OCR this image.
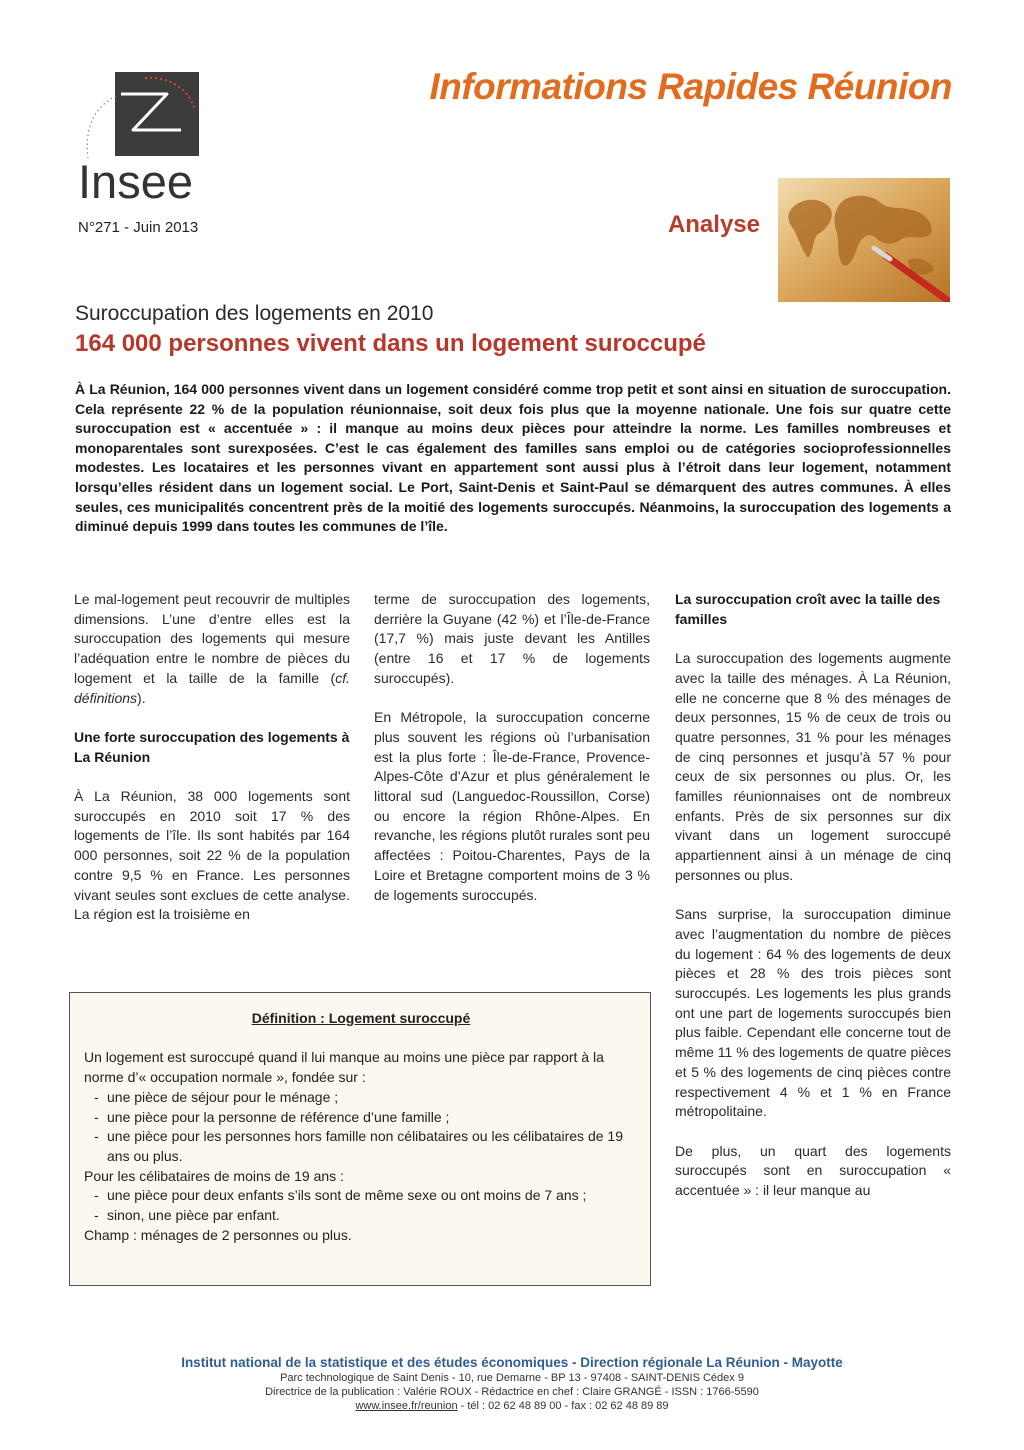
Insee
Informations Rapides Réunion
N°271 - Juin 2013	Analyse
Suroccupation des logements en 2010
164 000 personnes vivent dans un logement suroccupé

À La Réunion, 164 000 personnes vivent dans un logement considéré comme trop petit et sont ainsi en situation de suroccupation. Cela représente 22 % de la population réunionnaise, soit deux fois plus que la moyenne nationale. Une fois sur quatre cette suroccupation est « accentuée » : il manque au moins deux pièces pour atteindre la norme. Les familles nombreuses et monoparentales sont surexposées. C’est le cas également des familles sans emploi ou de catégories socioprofessionnelles modestes. Les locataires et les personnes vivant en appartement sont aussi plus à l’étroit dans leur logement, notamment lorsqu’elles résident dans un logement social. Le Port, Saint-Denis et Saint-Paul se démarquent des autres communes. À elles seules, ces municipalités concentrent près de la moitié des logements suroccupés. Néanmoins, la suroccupation des logements a diminué depuis 1999 dans toutes les communes de l’île.

Le mal-logement peut recouvrir de multiples dimensions. L’une d’entre elles est la suroccupation des logements qui mesure l’adéquation entre le nombre de pièces du logement et la taille de la famille (cf. définitions).

Une forte suroccupation des logements à La Réunion

À La Réunion, 38 000 logements sont suroccupés en 2010 soit 17 % des logements de l’île. Ils sont habités par 164 000 personnes, soit 22 % de la population contre 9,5 % en France. Les personnes vivant seules sont exclues de cette analyse. La région est la troisième en

terme de suroccupation des logements, derrière la Guyane (42 %) et l’Île-de-France (17,7 %) mais juste devant les Antilles (entre 16 et 17 % de logements suroccupés).

En Métropole, la suroccupation concerne plus souvent les régions où l’urbanisation est la plus forte : Île-de-France, Provence-Alpes-Côte d’Azur et plus généralement le littoral sud (Languedoc-Roussillon, Corse) ou encore la région Rhône-Alpes. En revanche, les régions plutôt rurales sont peu affectées : Poitou-Charentes, Pays de la Loire et Bretagne comportent moins de 3 % de logements suroccupés.

La suroccupation croît avec la taille des familles

La suroccupation des logements augmente avec la taille des ménages. À La Réunion, elle ne concerne que 8 % des ménages de deux personnes, 15 % de ceux de trois ou quatre personnes, 31 % pour les ménages de cinq personnes et jusqu’à 57 % pour ceux de six personnes ou plus. Or, les familles réunionnaises ont de nombreux enfants. Près de six personnes sur dix vivant dans un logement suroccupé appartiennent ainsi à un ménage de cinq personnes ou plus.

Sans surprise, la suroccupation diminue avec l’augmentation du nombre de pièces du logement : 64 % des logements de deux pièces et 28 % des trois pièces sont suroccupés. Les logements les plus grands ont une part de logements suroccupés bien plus faible. Cependant elle concerne tout de même 11 % des logements de quatre pièces et 5 % des logements de cinq pièces contre respectivement 4 % et 1 % en France métropolitaine.

De plus, un quart des logements suroccupés sont en suroccupation « accentuée » : il leur manque au

Définition : Logement suroccupé

Un logement est suroccupé quand il lui manque au moins une pièce par rapport à la norme d’« occupation normale », fondée sur :

- une pièce de séjour pour le ménage ;
- une pièce pour la personne de référence d’une famille ;
- une pièce pour les personnes hors famille non célibataires ou les célibataires de 19 ans ou plus.

Pour les célibataires de moins de 19 ans :

- une pièce pour deux enfants s’ils sont de même sexe ou ont moins de 7 ans ;
- sinon, une pièce par enfant.

Champ : ménages de 2 personnes ou plus.

Institut national de la statistique et des études économiques - Direction régionale La Réunion - Mayotte
Parc technologique de Saint Denis - 10, rue Demarne - BP 13 - 97408 - SAINT-DENIS Cédex 9
Directrice de la publication : Valérie ROUX - Rédactrice en chef : Claire GRANGÉ - ISSN : 1766-5590
www.insee.fr/reunion - tél : 02 62 48 89 00 - fax : 02 62 48 89 89
